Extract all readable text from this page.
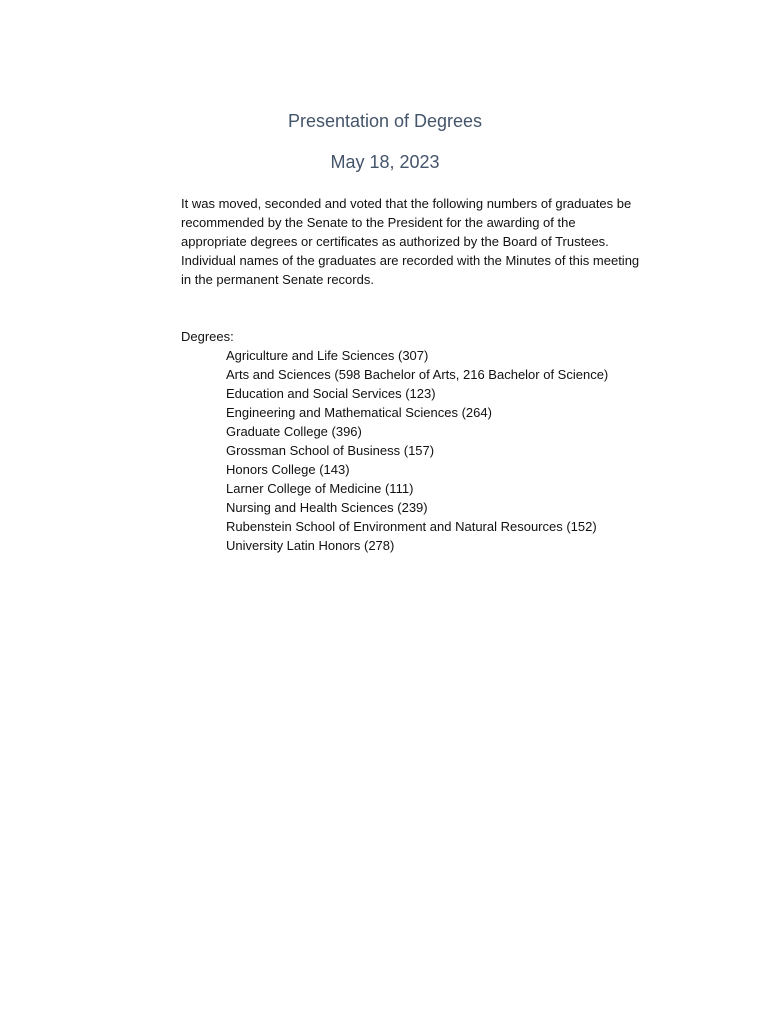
Presentation of Degrees
May 18, 2023

It was moved, seconded and voted that the following numbers of graduates be
recommended by the Senate to the President for the awarding of the
appropriate degrees or certificates as authorized by the Board of Trustees.
Individual names of the graduates are recorded with the Minutes of this meeting
in the permanent Senate records.

Degrees:
Agriculture and Life Sciences (307)
Arts and Sciences (598 Bachelor of Arts, 216 Bachelor of Science)
Education and Social Services (123)
Engineering and Mathematical Sciences (264)
Graduate College (396)
Grossman School of Business (157)
Honors College (143)
Larner College of Medicine (111)
Nursing and Health Sciences (239)
Rubenstein School of Environment and Natural Resources (152)
University Latin Honors (278)
